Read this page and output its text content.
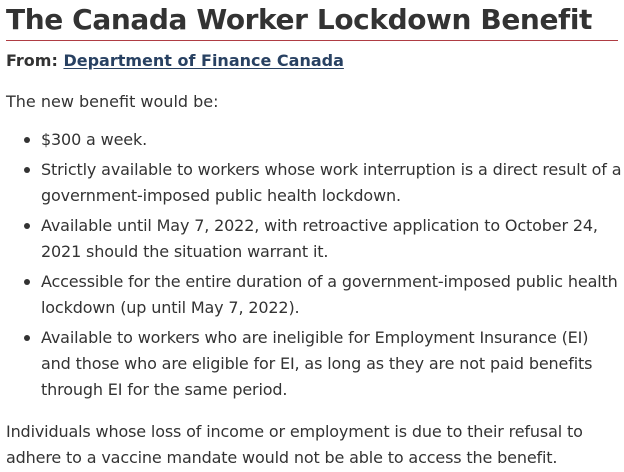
The Canada Worker Lockdown Benefit
From: Department of Finance Canada

The new benefit would be:

$300 a week.
Strictly available to workers whose work interruption is a direct result of a government-imposed public health lockdown.
Available until May 7, 2022, with retroactive application to October 24, 2021 should the situation warrant it.
Accessible for the entire duration of a government-imposed public health lockdown (up until May 7, 2022).
Available to workers who are ineligible for Employment Insurance (EI) and those who are eligible for EI, as long as they are not paid benefits through EI for the same period.

Individuals whose loss of income or employment is due to their refusal to adhere to a vaccine mandate would not be able to access the benefit.
